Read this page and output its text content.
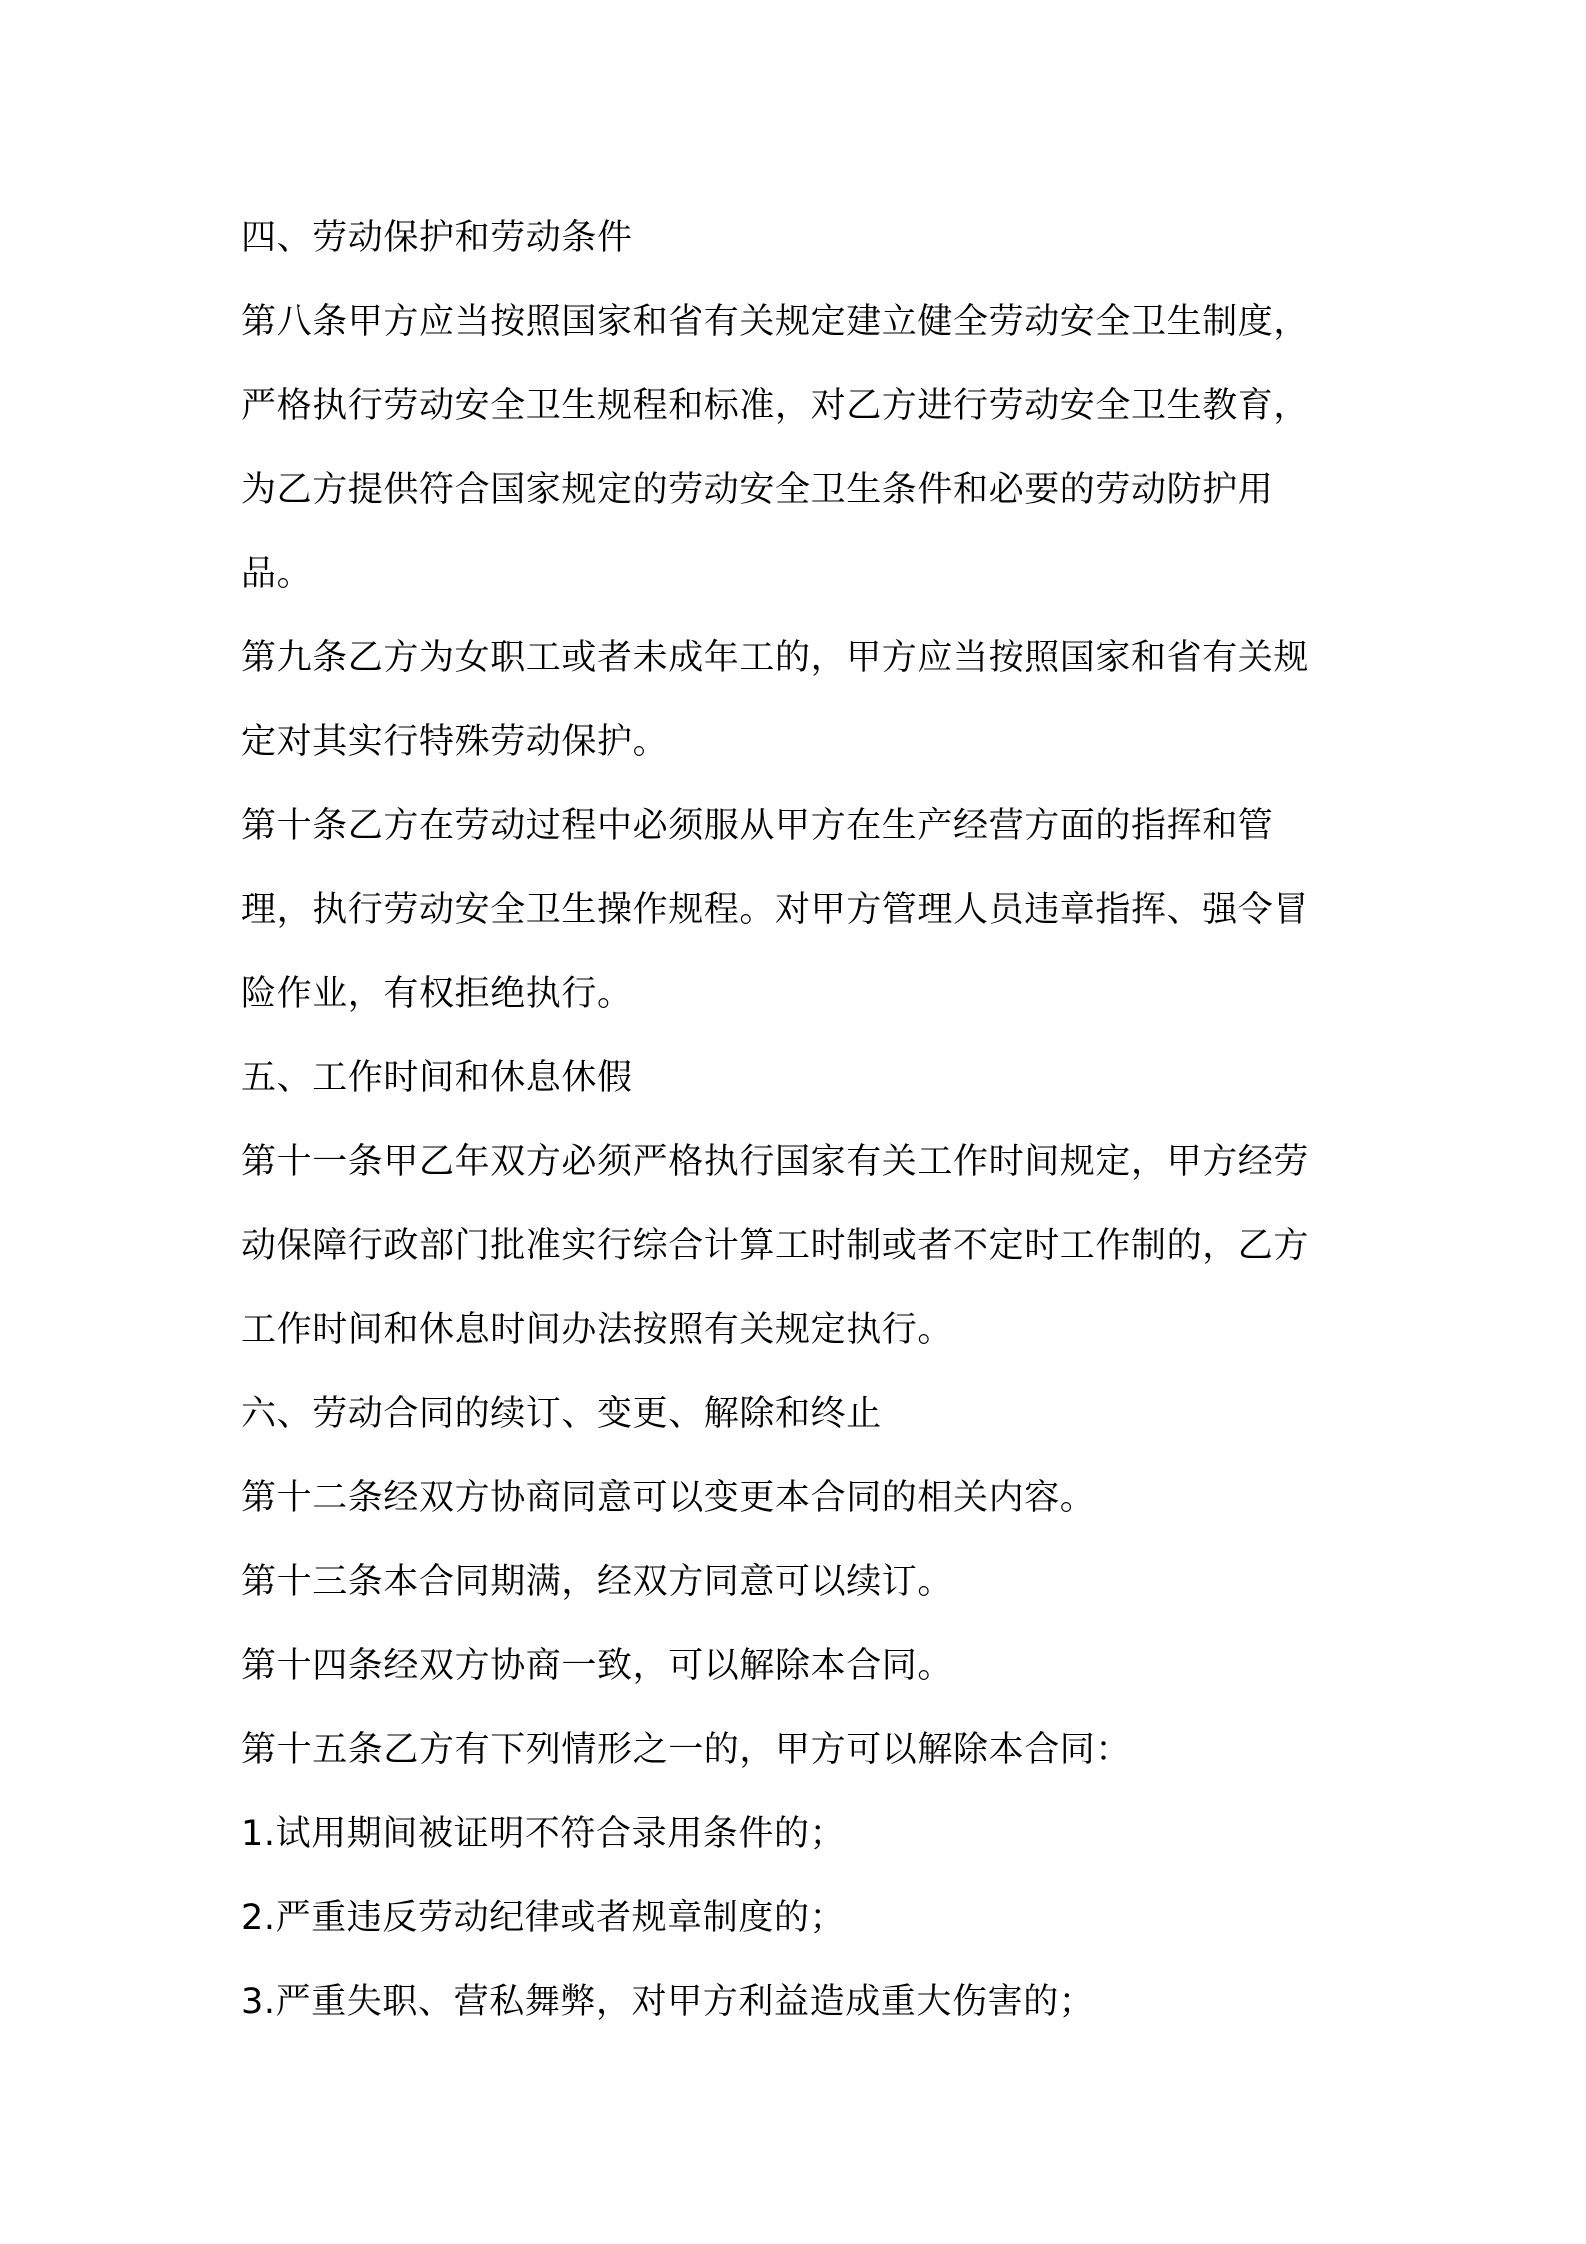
四、劳动保护和劳动条件

第八条甲方应当按照国家和省有关规定建立健全劳动安全卫生制度，

严格执行劳动安全卫生规程和标准，对乙方进行劳动安全卫生教育，

为乙方提供符合国家规定的劳动安全卫生条件和必要的劳动防护用

品。

第九条乙方为女职工或者未成年工的，甲方应当按照国家和省有关规

定对其实行特殊劳动保护。

第十条乙方在劳动过程中必须服从甲方在生产经营方面的指挥和管

理，执行劳动安全卫生操作规程。对甲方管理人员违章指挥、强令冒

险作业，有权拒绝执行。

五、工作时间和休息休假

第十一条甲乙年双方必须严格执行国家有关工作时间规定，甲方经劳

动保障行政部门批准实行综合计算工时制或者不定时工作制的，乙方

工作时间和休息时间办法按照有关规定执行。

六、劳动合同的续订、变更、解除和终止

第十二条经双方协商同意可以变更本合同的相关内容。

第十三条本合同期满，经双方同意可以续订。

第十四条经双方协商一致，可以解除本合同。

第十五条乙方有下列情形之一的，甲方可以解除本合同：

1.试用期间被证明不符合录用条件的；

2.严重违反劳动纪律或者规章制度的；

3.严重失职、营私舞弊，对甲方利益造成重大伤害的；
